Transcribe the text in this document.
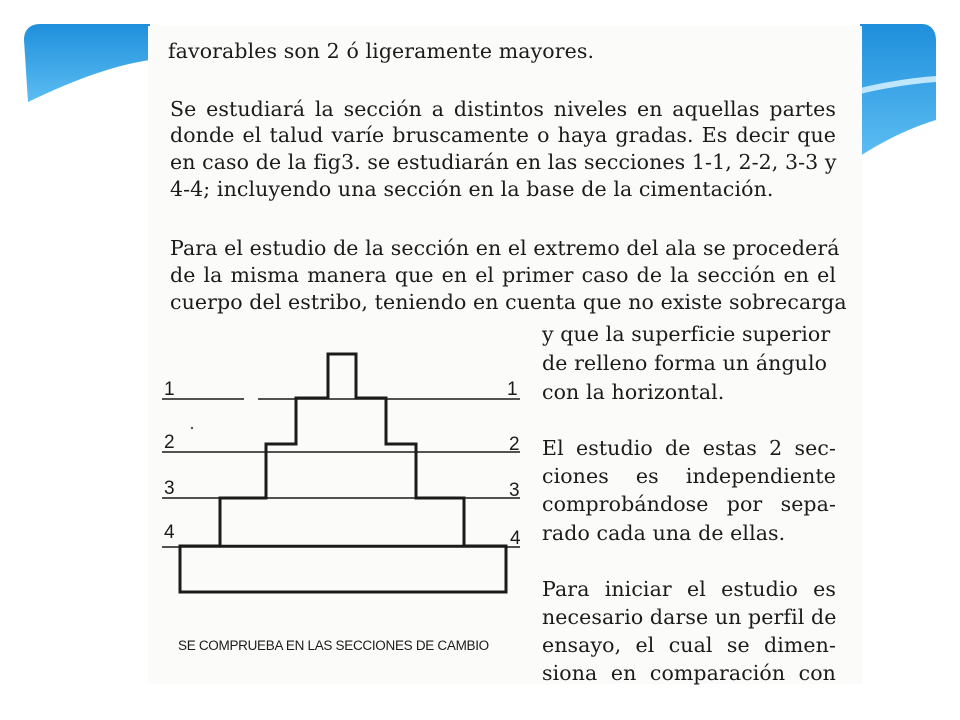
favorables son 2 ó ligeramente mayores.
Se estudiará la sección a distintos niveles en aquellas partes
donde el talud varíe bruscamente o haya gradas. Es decir que
en caso de la fig3. se estudiarán en las secciones 1-1, 2-2, 3-3 y
4-4; incluyendo una sección en la base de la cimentación.
Para el estudio de la sección en el extremo del ala se procederá
de la misma manera que en el primer caso de la sección en el
cuerpo del estribo, teniendo en cuenta que no existe sobrecarga
y que la superficie superior
de relleno forma un ángulo
con la horizontal.
El estudio de estas 2 sec-
ciones es independiente
comprobándose por sepa-
rado cada una de ellas.
Para iniciar el estudio es
necesario darse un perfil de
ensayo, el cual se dimen-
siona en comparación con
1	1
2	2
3	3
4	4
SE COMPRUEBA EN LAS SECCIONES DE CAMBIO
